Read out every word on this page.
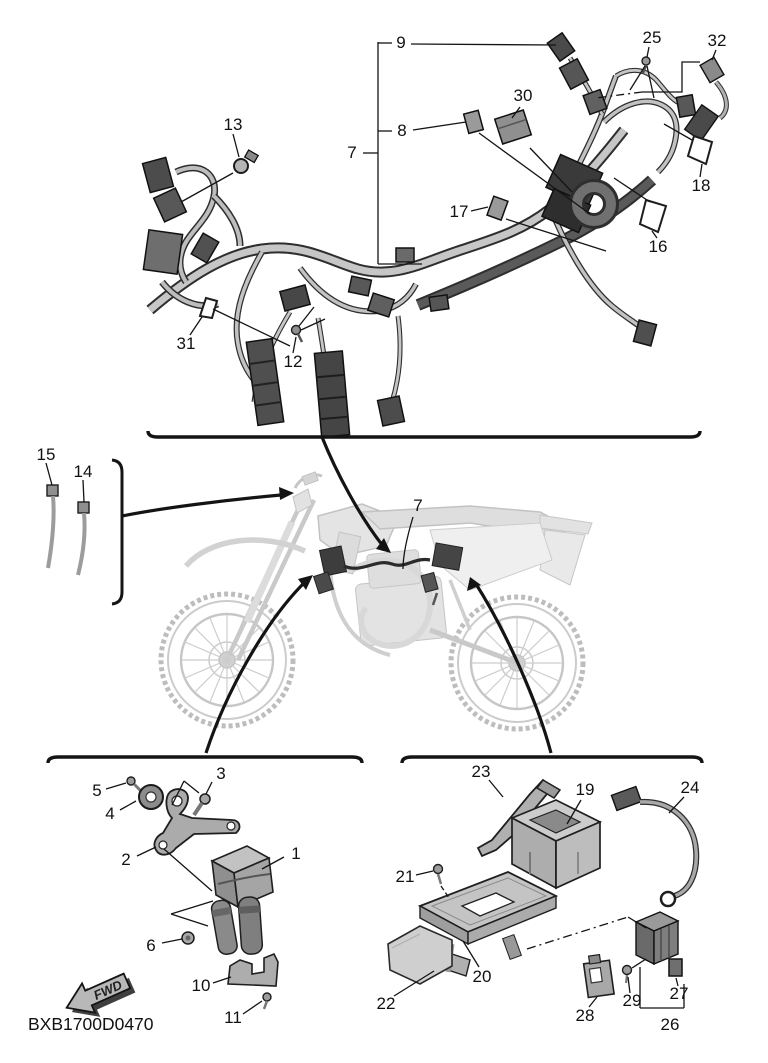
FWD
13
9
8
7
30
25	32
18
16
17
31
12
15
14
7
5
4
3
2	1
6
10
11
23
19	24
21
20
22
28
29 27
26
BXB1700D0470
